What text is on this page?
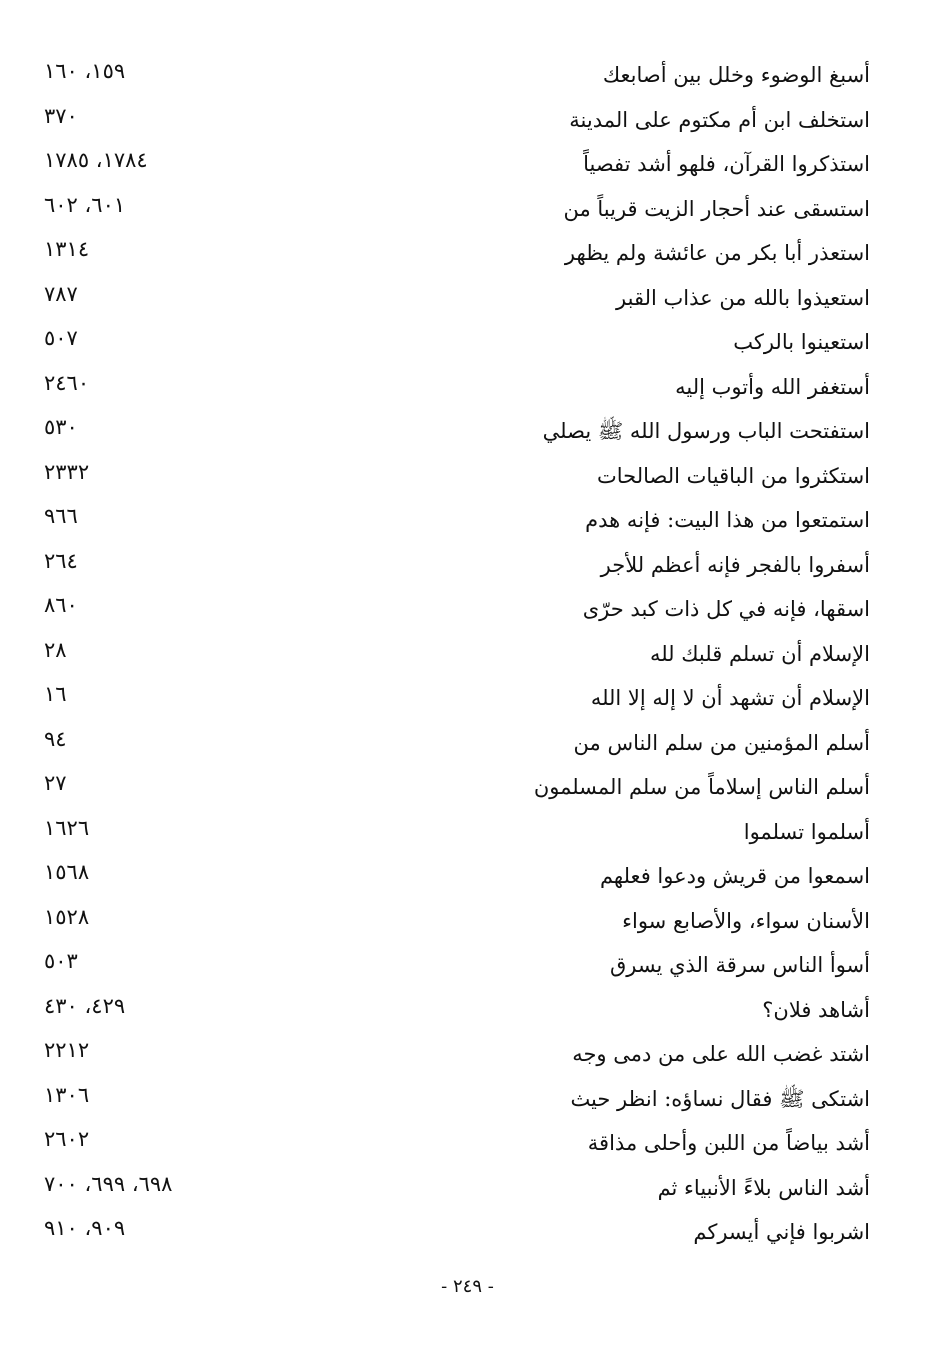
أسبغ الوضوء وخلل بين أصابعك
١٥٩، ١٦٠
استخلف ابن أم مكتوم على المدينة
٣٧٠
استذكروا القرآن، فلهو أشد تفصياً
١٧٨٤، ١٧٨٥
استسقى عند أحجار الزيت قريباً من
٦٠١، ٦٠٢
استعذر أبا بكر من عائشة ولم يظهر
١٣١٤
استعيذوا بالله من عذاب القبر
٧٨٧
استعينوا بالركب
٥٠٧
أستغفر الله وأتوب إليه
٢٤٦٠
استفتحت الباب ورسول الله ﷺ يصلي
٥٣٠
استكثروا من الباقيات الصالحات
٢٣٣٢
استمتعوا من هذا البيت: فإنه هدم
٩٦٦
أسفروا بالفجر فإنه أعظم للأجر
٢٦٤
اسقها، فإنه في كل ذات كبد حرّى
٨٦٠
الإسلام أن تسلم قلبك لله
٢٨
الإسلام أن تشهد أن لا إله إلا الله
١٦
أسلم المؤمنين من سلم الناس من
٩٤
أسلم الناس إسلاماً من سلم المسلمون
٢٧
أسلموا تسلموا
١٦٢٦
اسمعوا من قريش ودعوا فعلهم
١٥٦٨
الأسنان سواء، والأصابع سواء
١٥٢٨
أسوأ الناس سرقة الذي يسرق
٥٠٣
أشاهد فلان؟
٤٢٩، ٤٣٠
اشتد غضب الله على من دمى وجه
٢٢١٢
اشتكى ﷺ فقال نساؤه: انظر حيث
١٣٠٦
أشد بياضاً من اللبن وأحلى مذاقة
٢٦٠٢
أشد الناس بلاءً الأنبياء ثم
٦٩٨، ٦٩٩، ٧٠٠
اشربوا فإني أيسركم
٩٠٩، ٩١٠
- ٢٤٩ -
